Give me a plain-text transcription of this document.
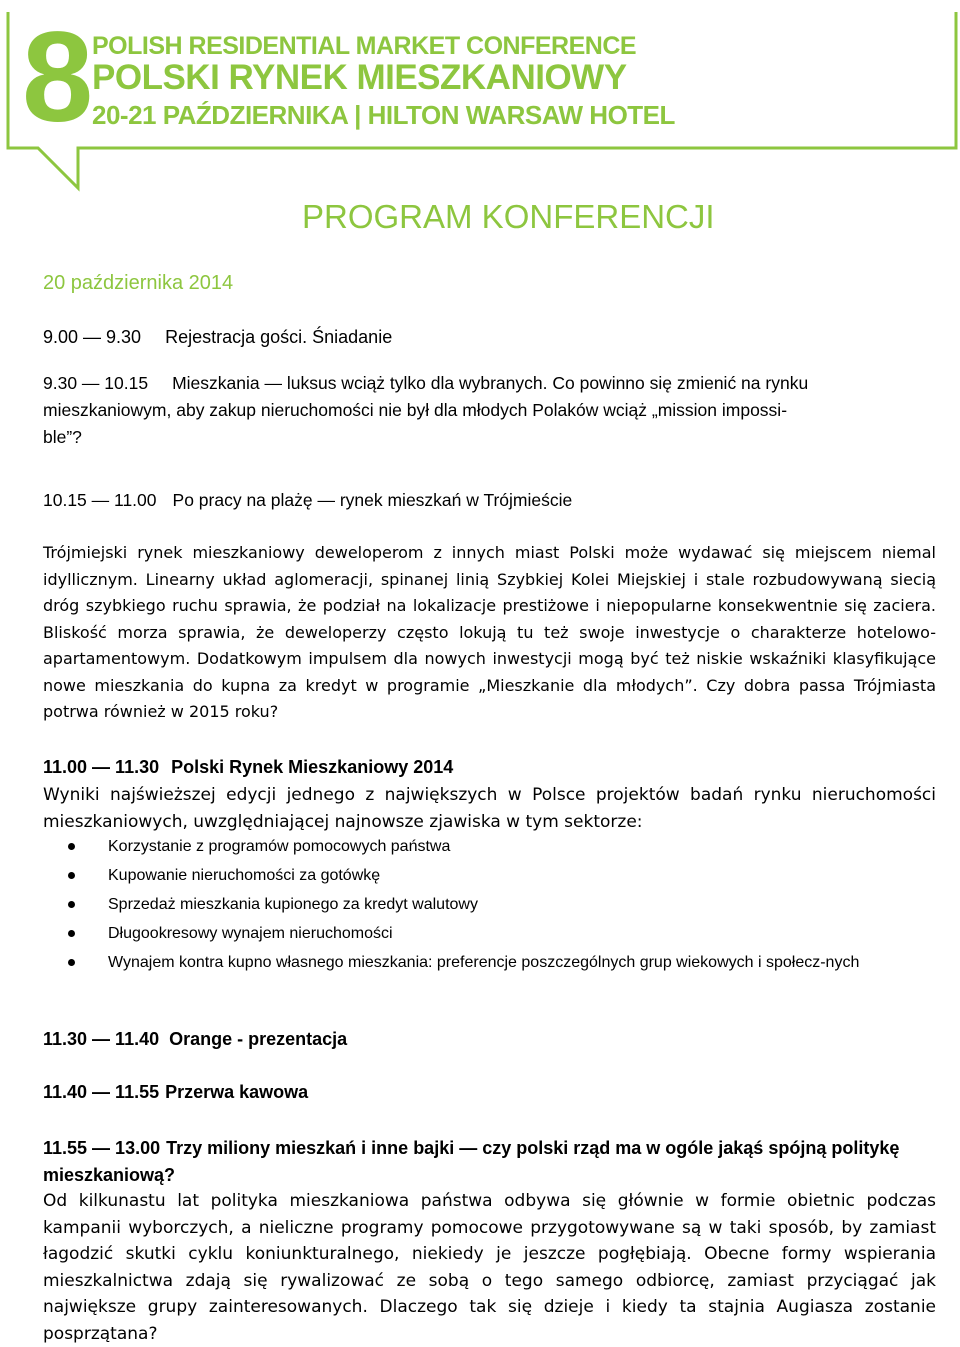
8
POLISH RESIDENTIAL MARKET CONFERENCE
POLSKI RYNEK MIESZKANIOWY
20-21 PAŹDZIERNIKA | HILTON WARSAW HOTEL
PROGRAM KONFERENCJI
20 października 2014
9.00 — 9.30 Rejestracja gości. Śniadanie
9.30 — 10.15 Mieszkania — luksus wciąż tylko dla wybranych. Co powinno się zmienić na rynku
mieszkaniowym, aby zakup nieruchomości nie był dla młodych Polaków wciąż „mission impossi-
ble”?
10.15 — 11.00 Po pracy na plażę — rynek mieszkań w Trójmieście
Trójmiejski rynek mieszkaniowy deweloperom z innych miast Polski może wydawać się miejscem niemal idyllicznym. Linearny układ aglomeracji, spinanej linią Szybkiej Kolei Miejskiej i stale rozbudowywaną siecią dróg szybkiego ruchu sprawia, że podział na lokalizacje prestiżowe i niepopularne konsekwentnie się zaciera. Bliskość morza sprawia, że deweloperzy często lokują tu też swoje inwestycje o charakterze hotelowo-apartamentowym. Dodatkowym impulsem dla nowych inwestycji mogą być też niskie wskaźniki klasyfikujące nowe mieszkania do kupna za kredyt w programie „Mieszkanie dla młodych”. Czy dobra passa Trójmiasta potrwa również w 2015 roku?
11.00 — 11.30 Polski Rynek Mieszkaniowy 2014
Wyniki najświeższej edycji jednego z największych w Polsce projektów badań rynku nieruchomości mieszkaniowych, uwzględniającej najnowsze zjawiska w tym sektorze:
Korzystanie z programów pomocowych państwa
Kupowanie nieruchomości za gotówkę
Sprzedaż mieszkania kupionego za kredyt walutowy
Długookresowy wynajem nieruchomości
Wynajem kontra kupno własnego mieszkania: preferencje poszczególnych grup wiekowych i społecz-nych
11.30 — 11.40 Orange - prezentacja
11.40 — 11.55 Przerwa kawowa
11.55 — 13.00 Trzy miliony mieszkań i inne bajki — czy polski rząd ma w ogóle jakąś spójną politykę mieszkaniową?
Od kilkunastu lat polityka mieszkaniowa państwa odbywa się głównie w formie obietnic podczas kampanii wyborczych, a nieliczne programy pomocowe przygotowywane są w taki sposób, by zamiast łagodzić skutki cyklu koniunkturalnego, niekiedy je jeszcze pogłębiają. Obecne formy wspierania mieszkalnictwa zdają się rywalizować ze sobą o tego samego odbiorcę, zamiast przyciągać jak największe grupy zainteresowanych. Dlaczego tak się dzieje i kiedy ta stajnia Augiasza zostanie posprzątana?
